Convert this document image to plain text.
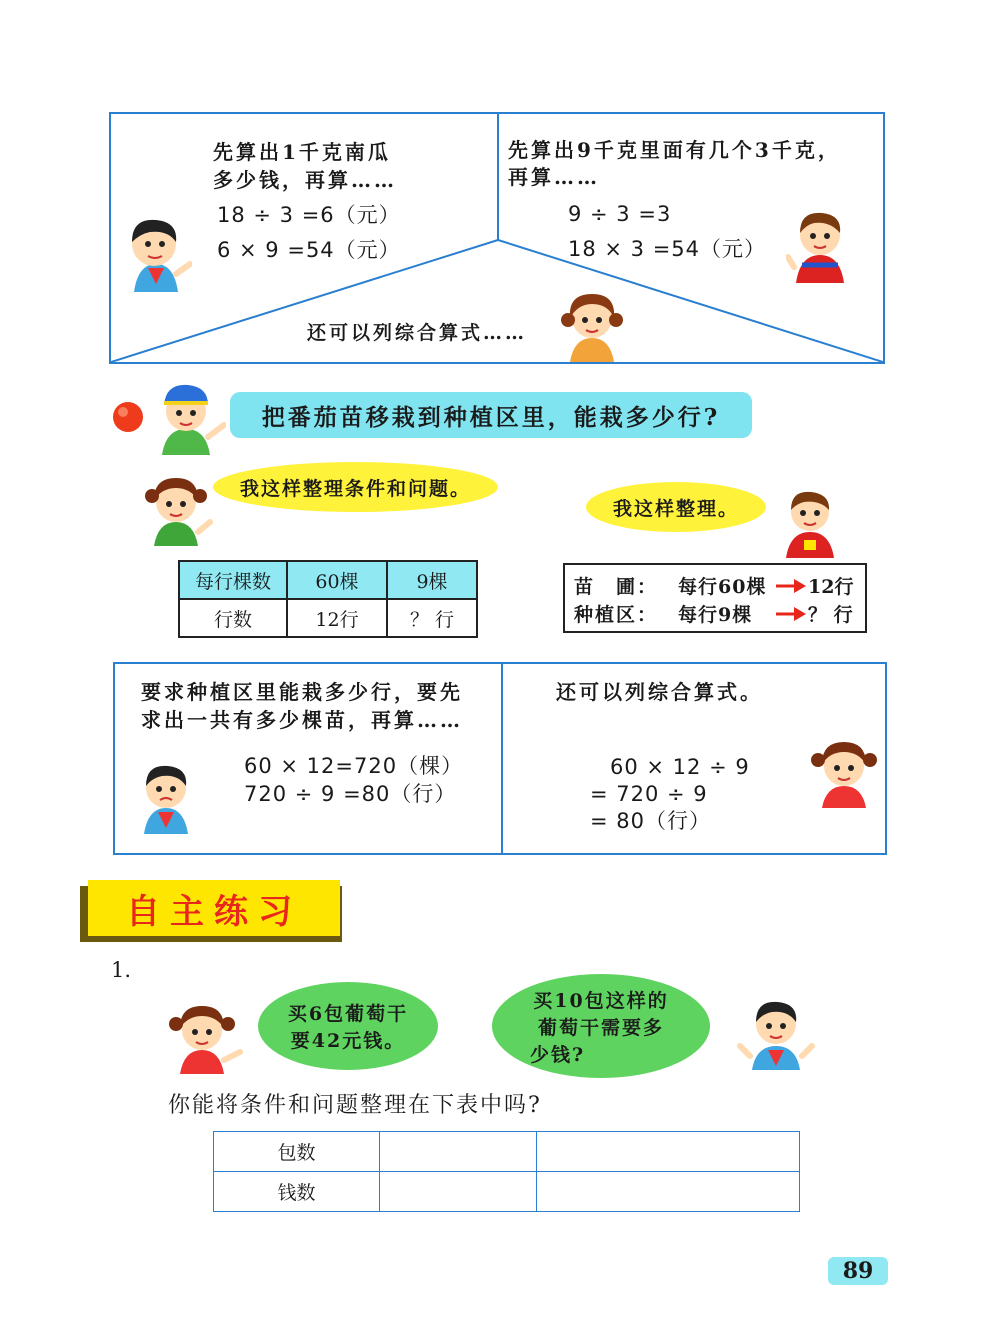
先算出1千克南瓜
多少钱，再算……
18 ÷ 3 =6（元）
6 × 9 =54（元）
先算出9千克里面有几个3千克，
再算……
9 ÷ 3 =3
18 × 3 =54（元）
还可以列综合算式……
把番茄苗移栽到种植区里，能栽多少行?
我这样整理条件和问题。
每行棵数	60棵	9棵
行数	12行	？ 行
我这样整理。
苗　圃： 每行60棵 12行
种植区： 每行9棵	？ 行
要求种植区里能栽多少行，要先
求出一共有多少棵苗，再算……
60 × 12=720（棵）
720 ÷ 9 =80（行）
还可以列综合算式。
60 × 12 ÷ 9
= 720 ÷ 9
= 80（行）
自主练习
1.
买6包葡萄干
要42元钱。
买10包这样的
葡萄干需要多
少钱?
你能将条件和问题整理在下表中吗?
包数		
钱数		
89
